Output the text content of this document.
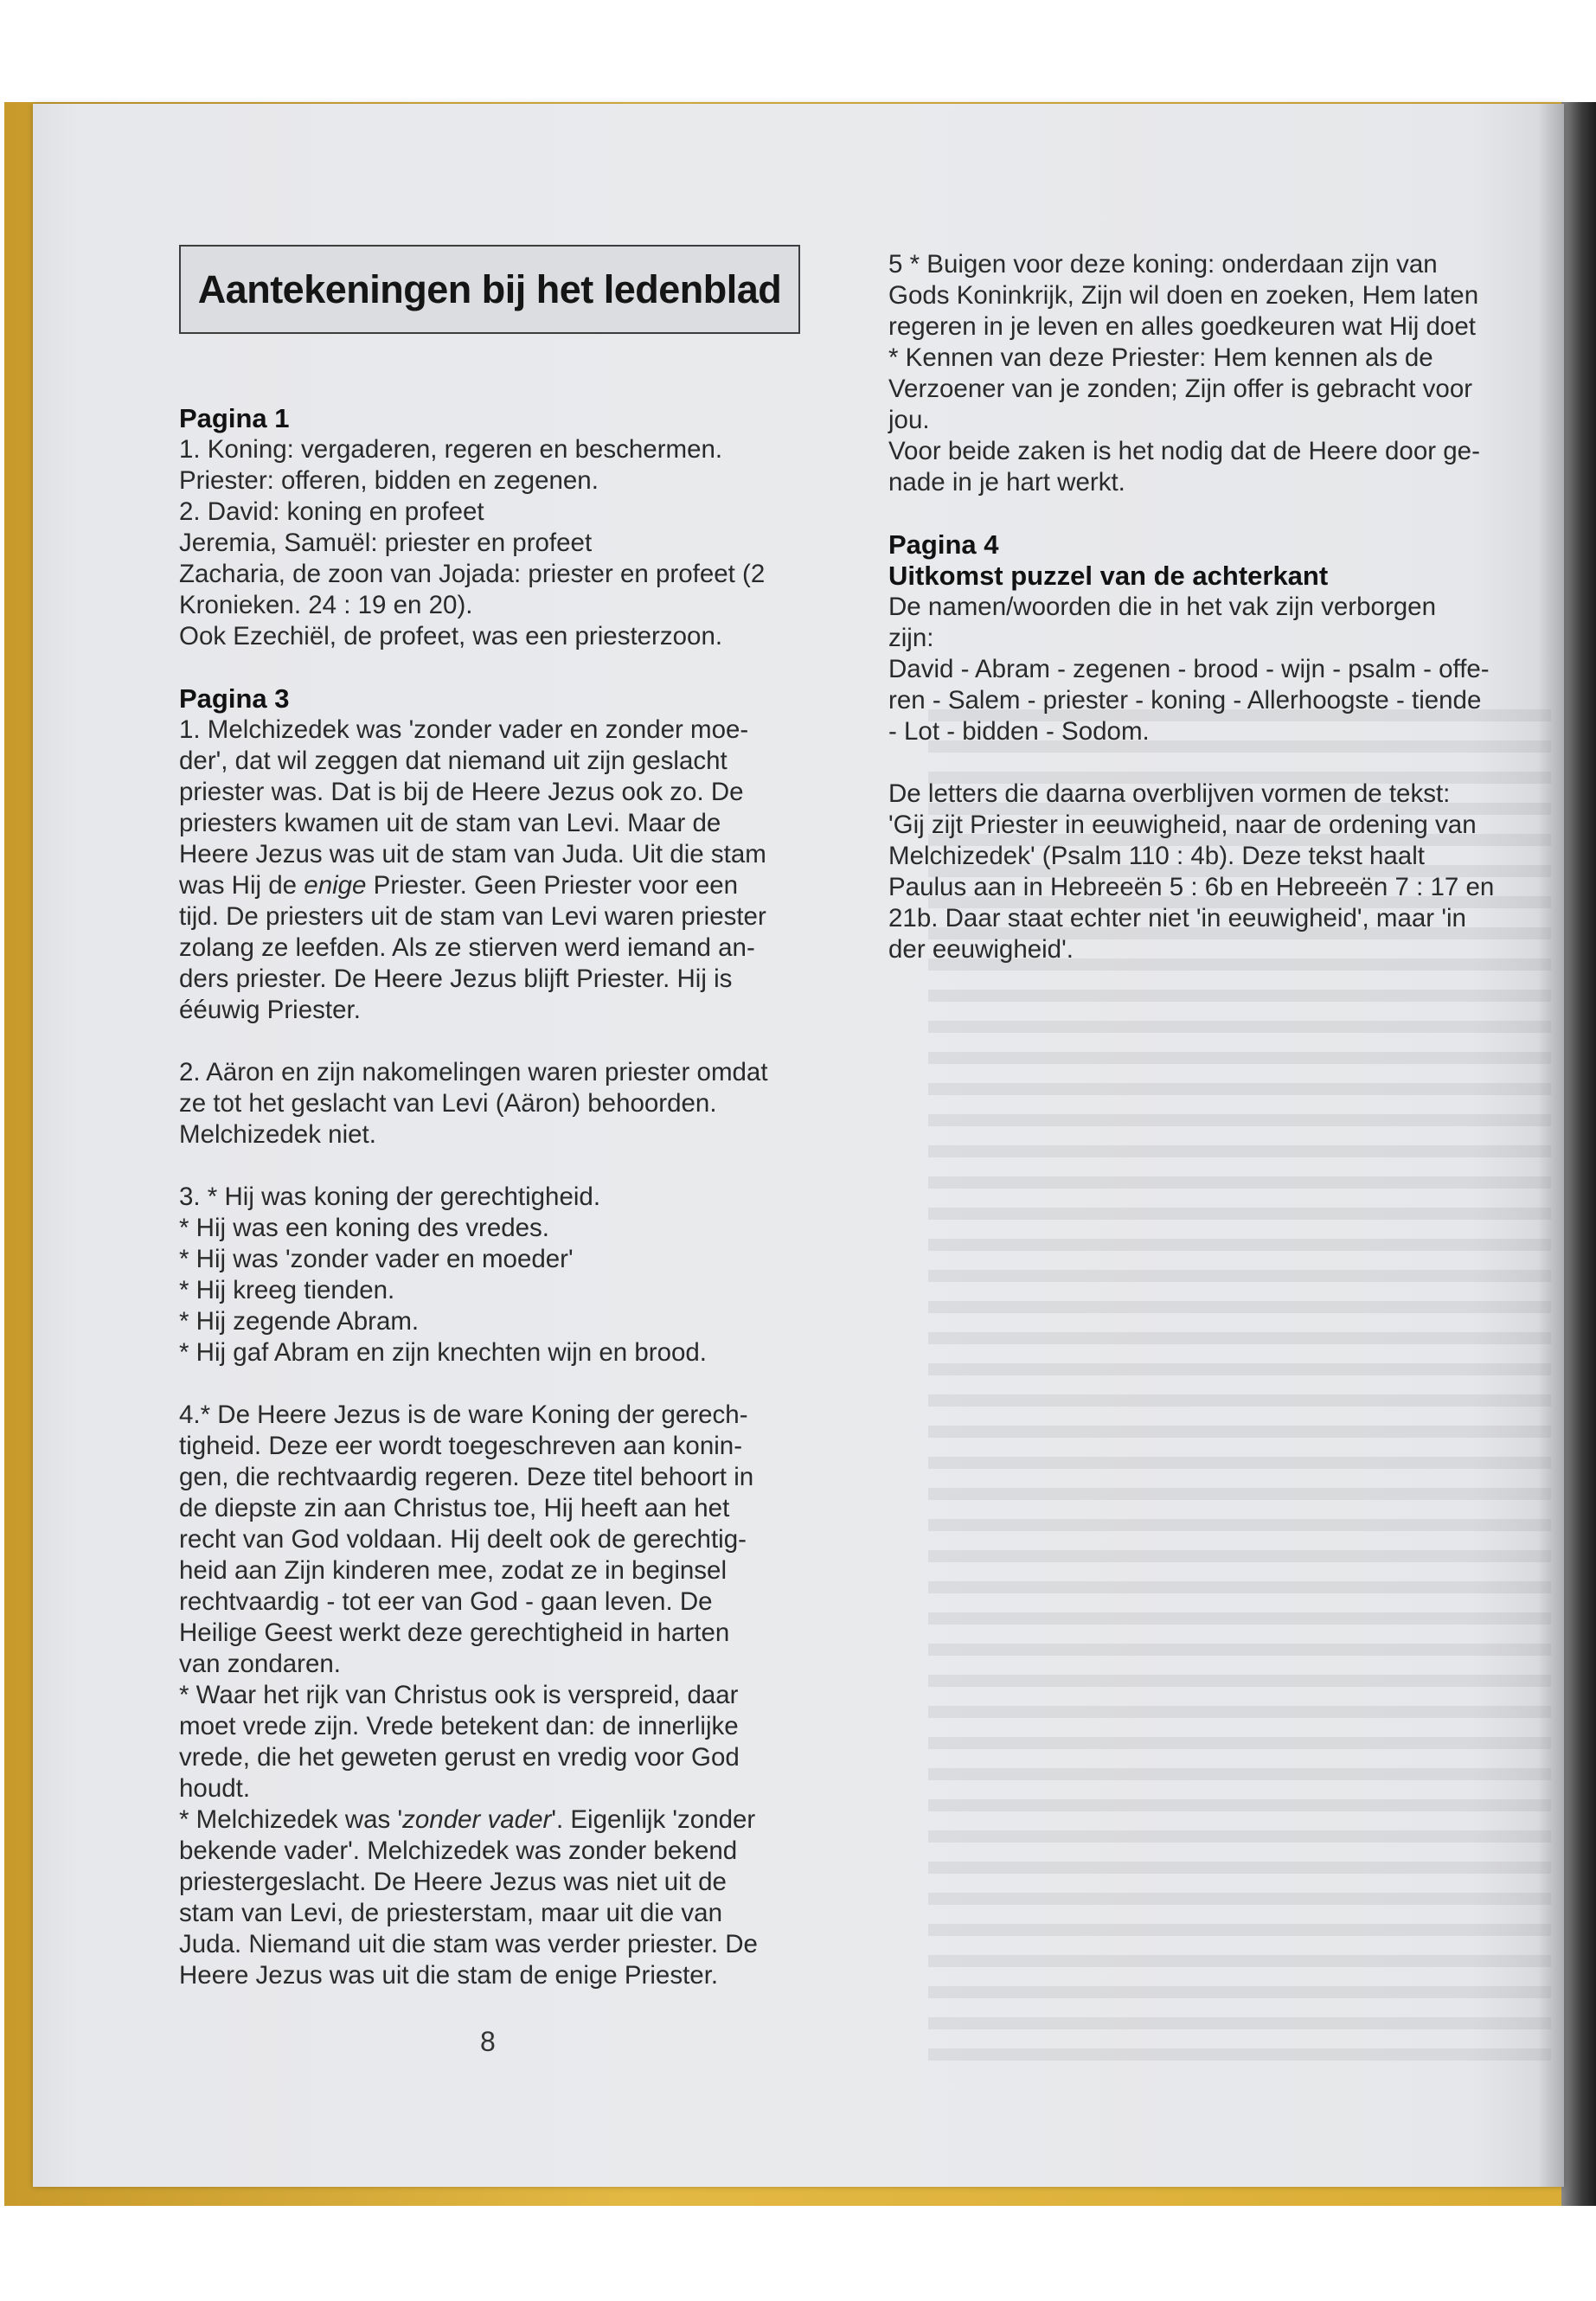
Aantekeningen bij het ledenblad

Pagina 1

1. Koning: vergaderen, regeren en beschermen.

Priester: offeren, bidden en zegenen.

2. David: koning en profeet

Jeremia, Samuël: priester en profeet

Zacharia, de zoon van Jojada: priester en profeet (2

Kronieken. 24 : 19 en 20).

Ook Ezechiël, de profeet, was een priesterzoon.

Pagina 3

1. Melchizedek was 'zonder vader en zonder moe-

der', dat wil zeggen dat niemand uit zijn geslacht

priester was. Dat is bij de Heere Jezus ook zo. De

priesters kwamen uit de stam van Levi. Maar de

Heere Jezus was uit de stam van Juda. Uit die stam

was Hij de enige Priester. Geen Priester voor een

tijd. De priesters uit de stam van Levi waren priester

zolang ze leefden. Als ze stierven werd iemand an-

ders priester. De Heere Jezus blijft Priester. Hij is

ééuwig Priester.

2. Aäron en zijn nakomelingen waren priester omdat

ze tot het geslacht van Levi (Aäron) behoorden.

Melchizedek niet.

3. * Hij was koning der gerechtigheid.

* Hij was een koning des vredes.

* Hij was 'zonder vader en moeder'

* Hij kreeg tienden.

* Hij zegende Abram.

* Hij gaf Abram en zijn knechten wijn en brood.

4.* De Heere Jezus is de ware Koning der gerech-

tigheid. Deze eer wordt toegeschreven aan konin-

gen, die rechtvaardig regeren. Deze titel behoort in

de diepste zin aan Christus toe, Hij heeft aan het

recht van God voldaan. Hij deelt ook de gerechtig-

heid aan Zijn kinderen mee, zodat ze in beginsel

rechtvaardig - tot eer van God - gaan leven. De

Heilige Geest werkt deze gerechtigheid in harten

van zondaren.

* Waar het rijk van Christus ook is verspreid, daar

moet vrede zijn. Vrede betekent dan: de innerlijke

vrede, die het geweten gerust en vredig voor God

houdt.

* Melchizedek was 'zonder vader'. Eigenlijk 'zonder

bekende vader'. Melchizedek was zonder bekend

priestergeslacht. De Heere Jezus was niet uit de

stam van Levi, de priesterstam, maar uit die van

Juda. Niemand uit die stam was verder priester. De

Heere Jezus was uit die stam de enige Priester.

5 * Buigen voor deze koning: onderdaan zijn van

Gods Koninkrijk, Zijn wil doen en zoeken, Hem laten

regeren in je leven en alles goedkeuren wat Hij doet

* Kennen van deze Priester: Hem kennen als de

Verzoener van je zonden; Zijn offer is gebracht voor

jou.

Voor beide zaken is het nodig dat de Heere door ge-

nade in je hart werkt.

Pagina 4

Uitkomst puzzel van de achterkant

De namen/woorden die in het vak zijn verborgen

zijn:

David - Abram - zegenen - brood - wijn - psalm - offe-

ren - Salem - priester - koning - Allerhoogste - tiende

- Lot - bidden - Sodom.

De letters die daarna overblijven vormen de tekst:

'Gij zijt Priester in eeuwigheid, naar de ordening van

Melchizedek' (Psalm 110 : 4b). Deze tekst haalt

Paulus aan in Hebreeën 5 : 6b en Hebreeën 7 : 17 en

21b. Daar staat echter niet 'in eeuwigheid', maar 'in

der eeuwigheid'.

8
